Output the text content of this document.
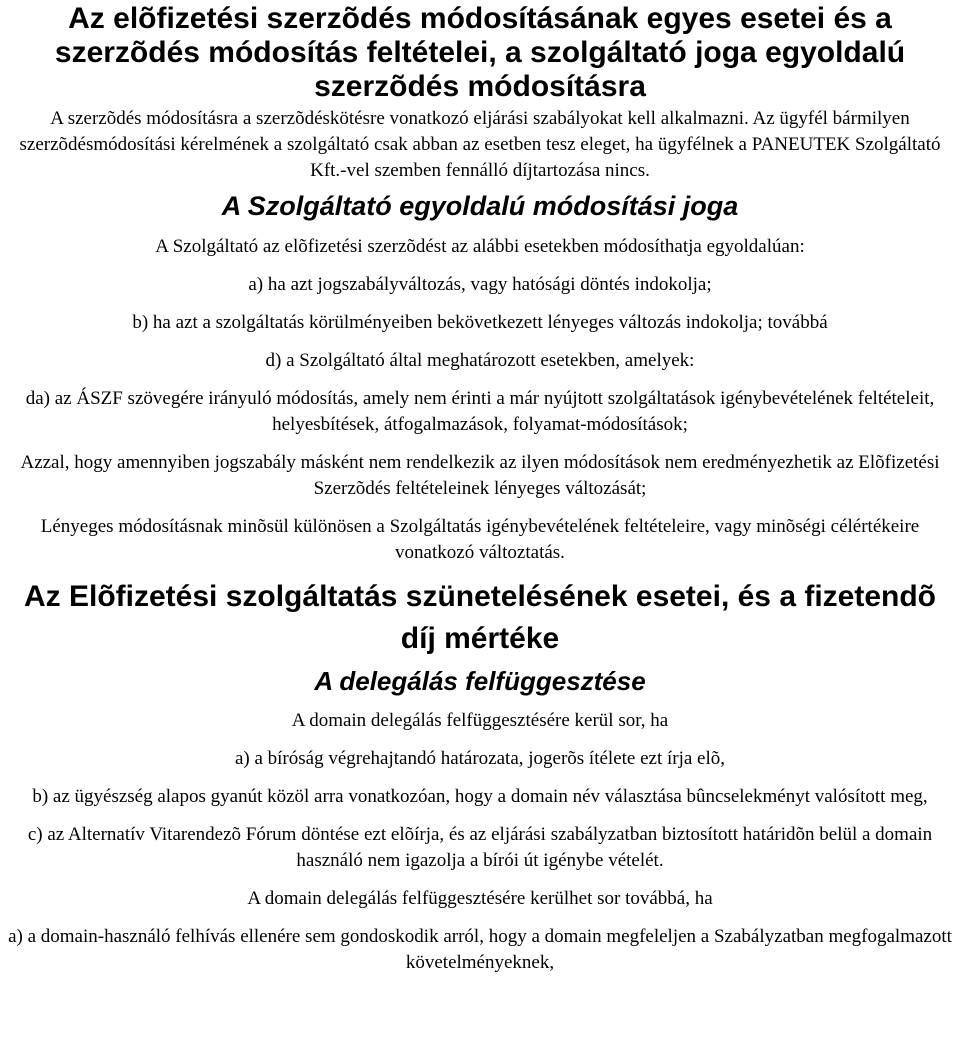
Az elõfizetési szerzõdés módosításának egyes esetei és a szerzõdés módosítás feltételei, a szolgáltató joga egyoldalú szerzõdés módosításra

A szerzõdés módosításra a szerzõdéskötésre vonatkozó eljárási szabályokat kell alkalmazni. Az ügyfél bármilyen szerzõdésmódosítási kérelmének a szolgáltató csak abban az esetben tesz eleget, ha ügyfélnek a PANEUTEK Szolgáltató Kft.-vel szemben fennálló díjtartozása nincs.

A Szolgáltató egyoldalú módosítási joga

A Szolgáltató az elõfizetési szerzõdést az alábbi esetekben módosíthatja egyoldalúan:

a) ha azt jogszabályváltozás, vagy hatósági döntés indokolja;

b) ha azt a szolgáltatás körülményeiben bekövetkezett lényeges változás indokolja; továbbá

d) a Szolgáltató által meghatározott esetekben, amelyek:

da) az ÁSZF szövegére irányuló módosítás, amely nem érinti a már nyújtott szolgáltatások igénybevételének feltételeit, helyesbítések, átfogalmazások, folyamat-módosítások;

Azzal, hogy amennyiben jogszabály másként nem rendelkezik az ilyen módosítások nem eredményezhetik az Elõfizetési Szerzõdés feltételeinek lényeges változását;

Lényeges módosításnak minõsül különösen a Szolgáltatás igénybevételének feltételeire, vagy minõségi célértékeire vonatkozó változtatás.

Az Elõfizetési szolgáltatás szünetelésének esetei, és a fizetendõ díj mértéke
A delegálás felfüggesztése

A domain delegálás felfüggesztésére kerül sor, ha

a) a bíróság végrehajtandó határozata, jogerõs ítélete ezt írja elõ,

b) az ügyészség alapos gyanút közöl arra vonatkozóan, hogy a domain név választása bûncselekményt valósított meg,

c) az Alternatív Vitarendezõ Fórum döntése ezt elõírja, és az eljárási szabályzatban biztosított határidõn belül a domain használó nem igazolja a bírói út igénybe vételét.

A domain delegálás felfüggesztésére kerülhet sor továbbá, ha

a) a domain-használó felhívás ellenére sem gondoskodik arról, hogy a domain megfeleljen a Szabályzatban megfogalmazott követelményeknek,
